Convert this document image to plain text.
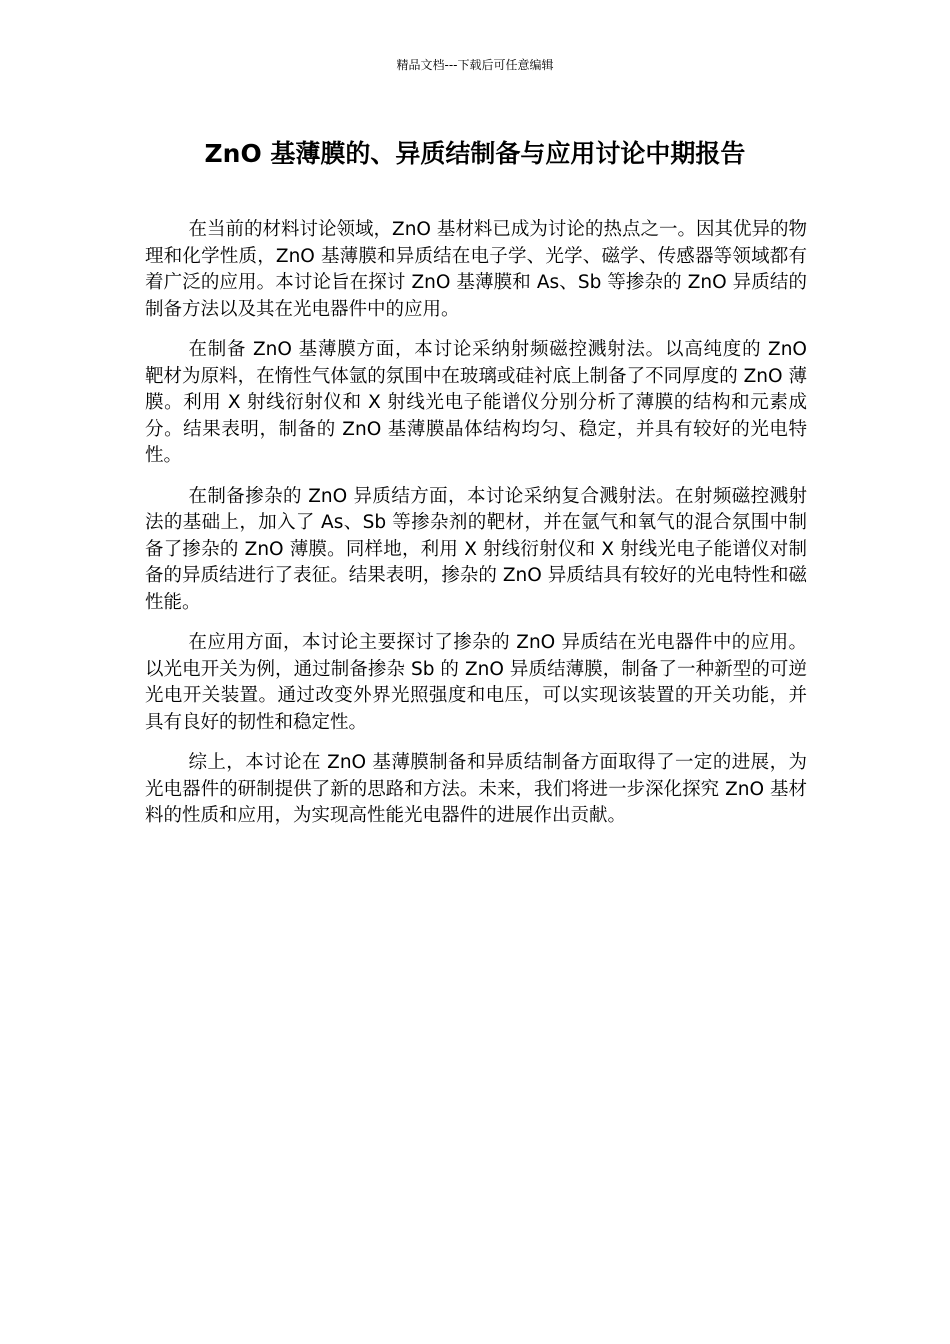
精品文档---下载后可任意编辑
ZnO 基薄膜的、异质结制备与应用讨论中期报告

在当前的材料讨论领域，ZnO 基材料已成为讨论的热点之一。因其优异的物理和化学性质，ZnO 基薄膜和异质结在电子学、光学、磁学、传感器等领域都有着广泛的应用。本讨论旨在探讨 ZnO 基薄膜和 As、Sb 等掺杂的 ZnO 异质结的制备方法以及其在光电器件中的应用。

在制备 ZnO 基薄膜方面，本讨论采纳射频磁控溅射法。以高纯度的 ZnO 靶材为原料，在惰性气体氩的氛围中在玻璃或硅衬底上制备了不同厚度的 ZnO 薄膜。利用 X 射线衍射仪和 X 射线光电子能谱仪分别分析了薄膜的结构和元素成分。结果表明，制备的 ZnO 基薄膜晶体结构均匀、稳定，并具有较好的光电特性。

在制备掺杂的 ZnO 异质结方面，本讨论采纳复合溅射法。在射频磁控溅射法的基础上，加入了 As、Sb 等掺杂剂的靶材，并在氩气和氧气的混合氛围中制备了掺杂的 ZnO 薄膜。同样地，利用 X 射线衍射仪和 X 射线光电子能谱仪对制备的异质结进行了表征。结果表明，掺杂的 ZnO 异质结具有较好的光电特性和磁性能。

在应用方面，本讨论主要探讨了掺杂的 ZnO 异质结在光电器件中的应用。以光电开关为例，通过制备掺杂 Sb 的 ZnO 异质结薄膜，制备了一种新型的可逆光电开关装置。通过改变外界光照强度和电压，可以实现该装置的开关功能，并具有良好的韧性和稳定性。

综上，本讨论在 ZnO 基薄膜制备和异质结制备方面取得了一定的进展，为光电器件的研制提供了新的思路和方法。未来，我们将进一步深化探究 ZnO 基材料的性质和应用，为实现高性能光电器件的进展作出贡献。
